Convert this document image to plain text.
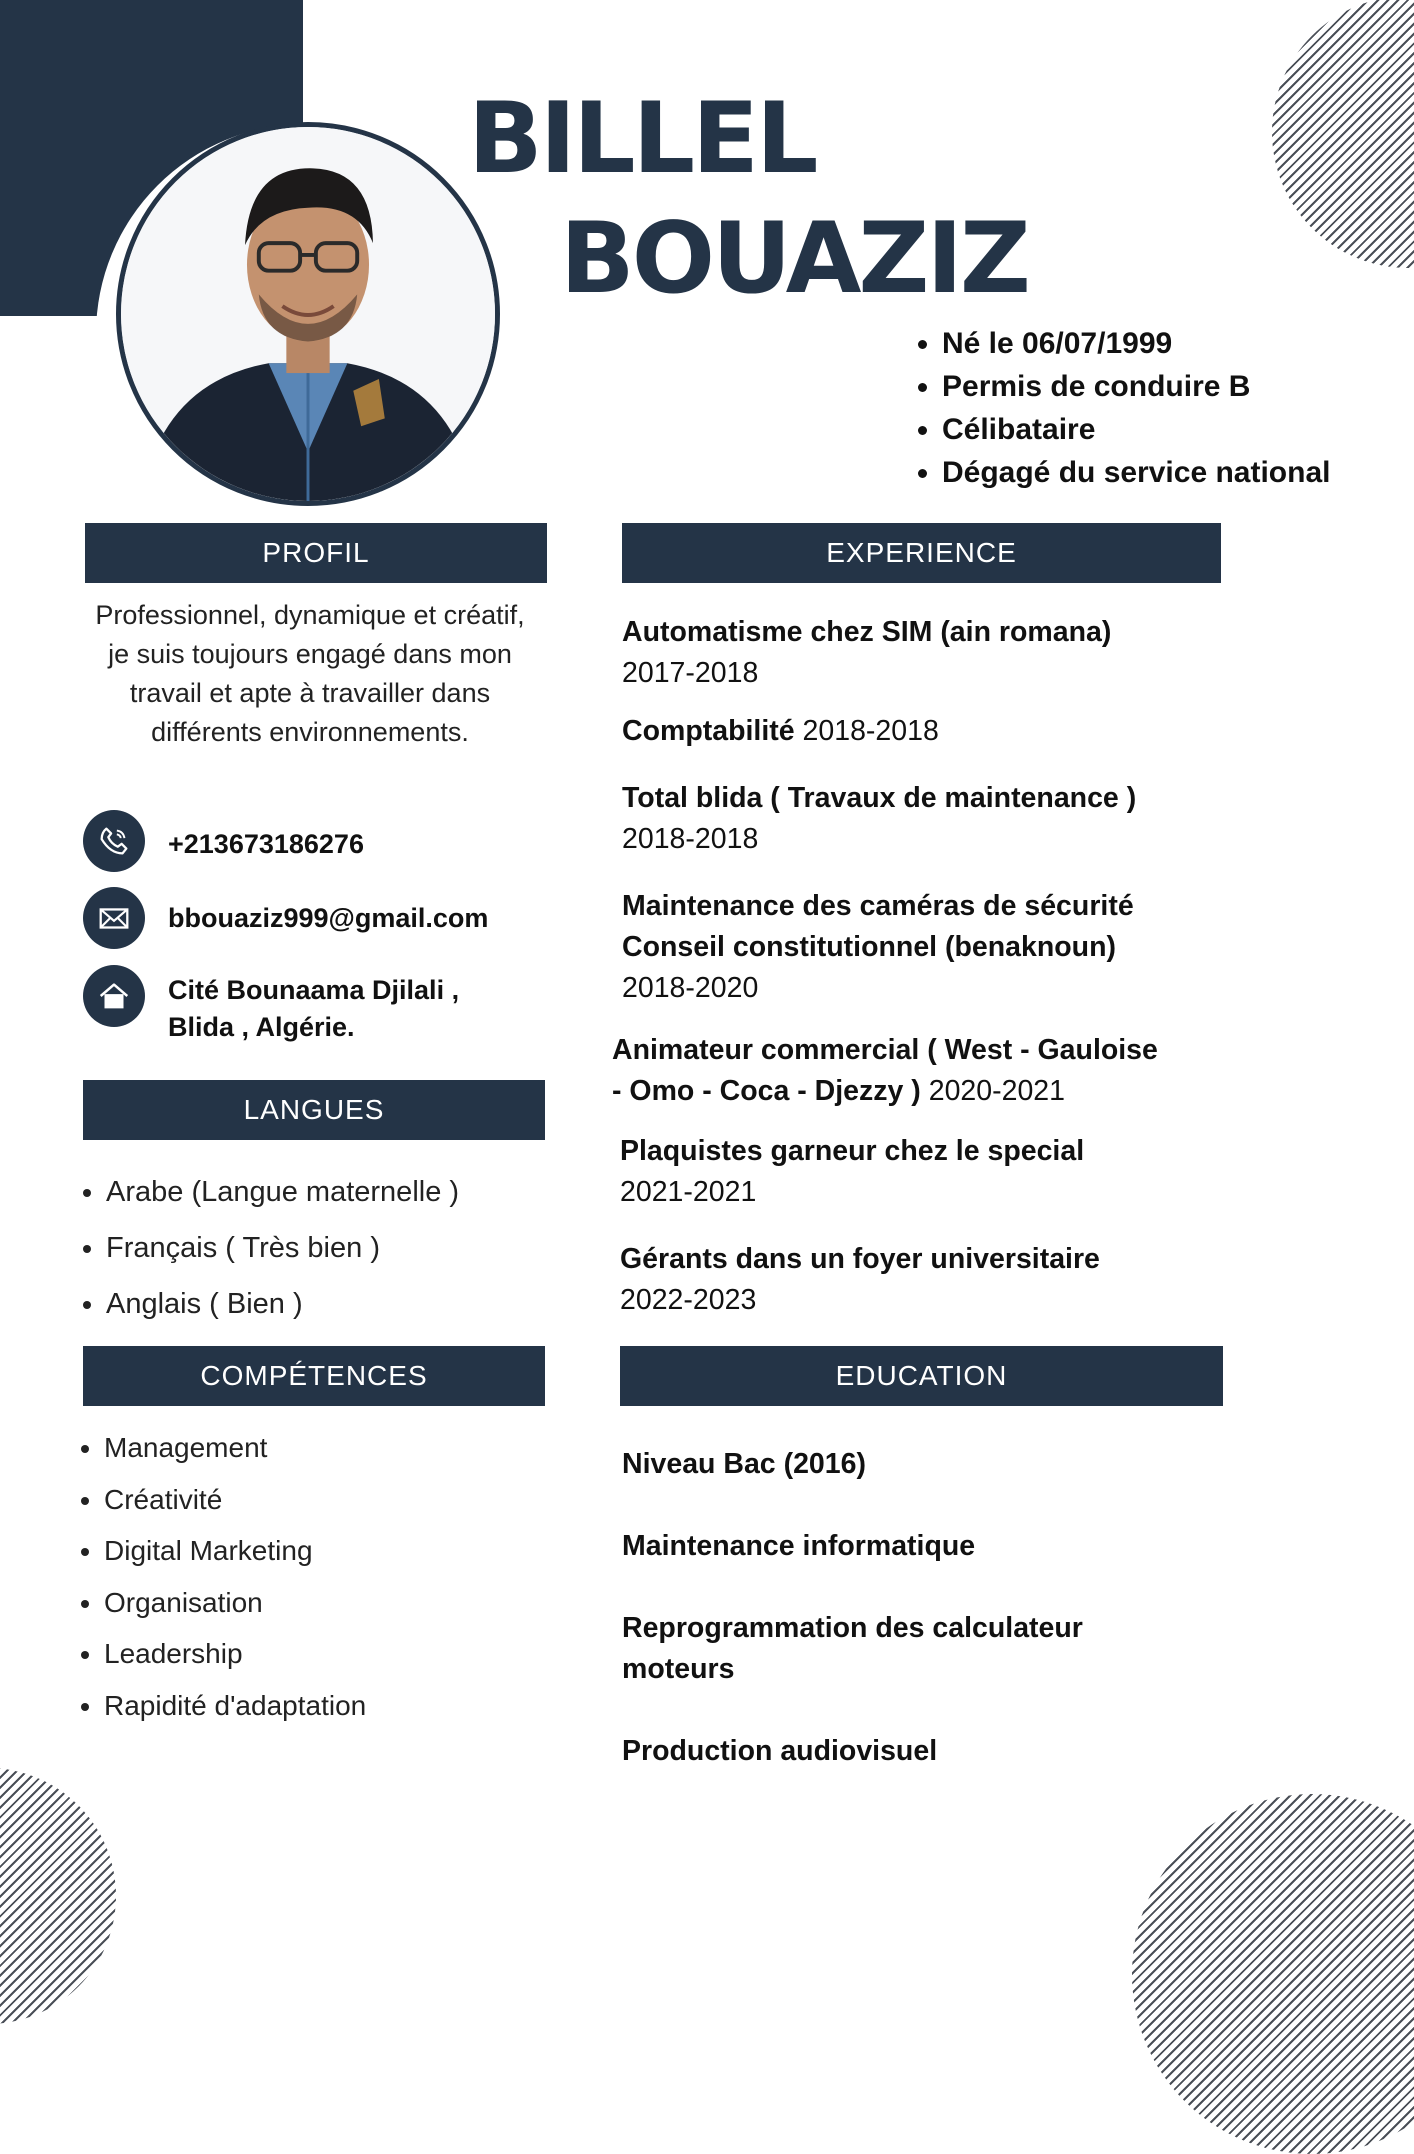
BILLEL
BOUAZIZ
• Né le 06/07/1999
• Permis de conduire B
• Célibataire
• Dégagé du service national
PROFIL

Professionnel, dynamique et créatif, je suis toujours engagé dans mon travail et apte à travailler dans différents environnements.

+213673186276
bbouaziz999@gmail.com
Cité Bounaama Djilali ,
Blida , Algérie.
LANGUES
• Arabe (Langue maternelle )
• Français ( Très bien )
• Anglais ( Bien )
COMPÉTENCES
• Management
• Créativité
• Digital Marketing
• Organisation
• Leadership
• Rapidité d'adaptation
EXPERIENCE
Automatisme chez SIM (ain romana)
2017-2018
Comptabilité 2018-2018
Total blida ( Travaux de maintenance )
2018-2018
Maintenance des caméras de sécurité
Conseil constitutionnel (benaknoun)
2018-2020
Animateur commercial ( West - Gauloise
- Omo - Coca - Djezzy ) 2020-2021
Plaquistes garneur chez le special
2021-2021
Gérants dans un foyer universitaire
2022-2023
EDUCATION
Niveau Bac (2016)
Maintenance informatique
Reprogrammation des calculateur
moteurs
Production audiovisuel
